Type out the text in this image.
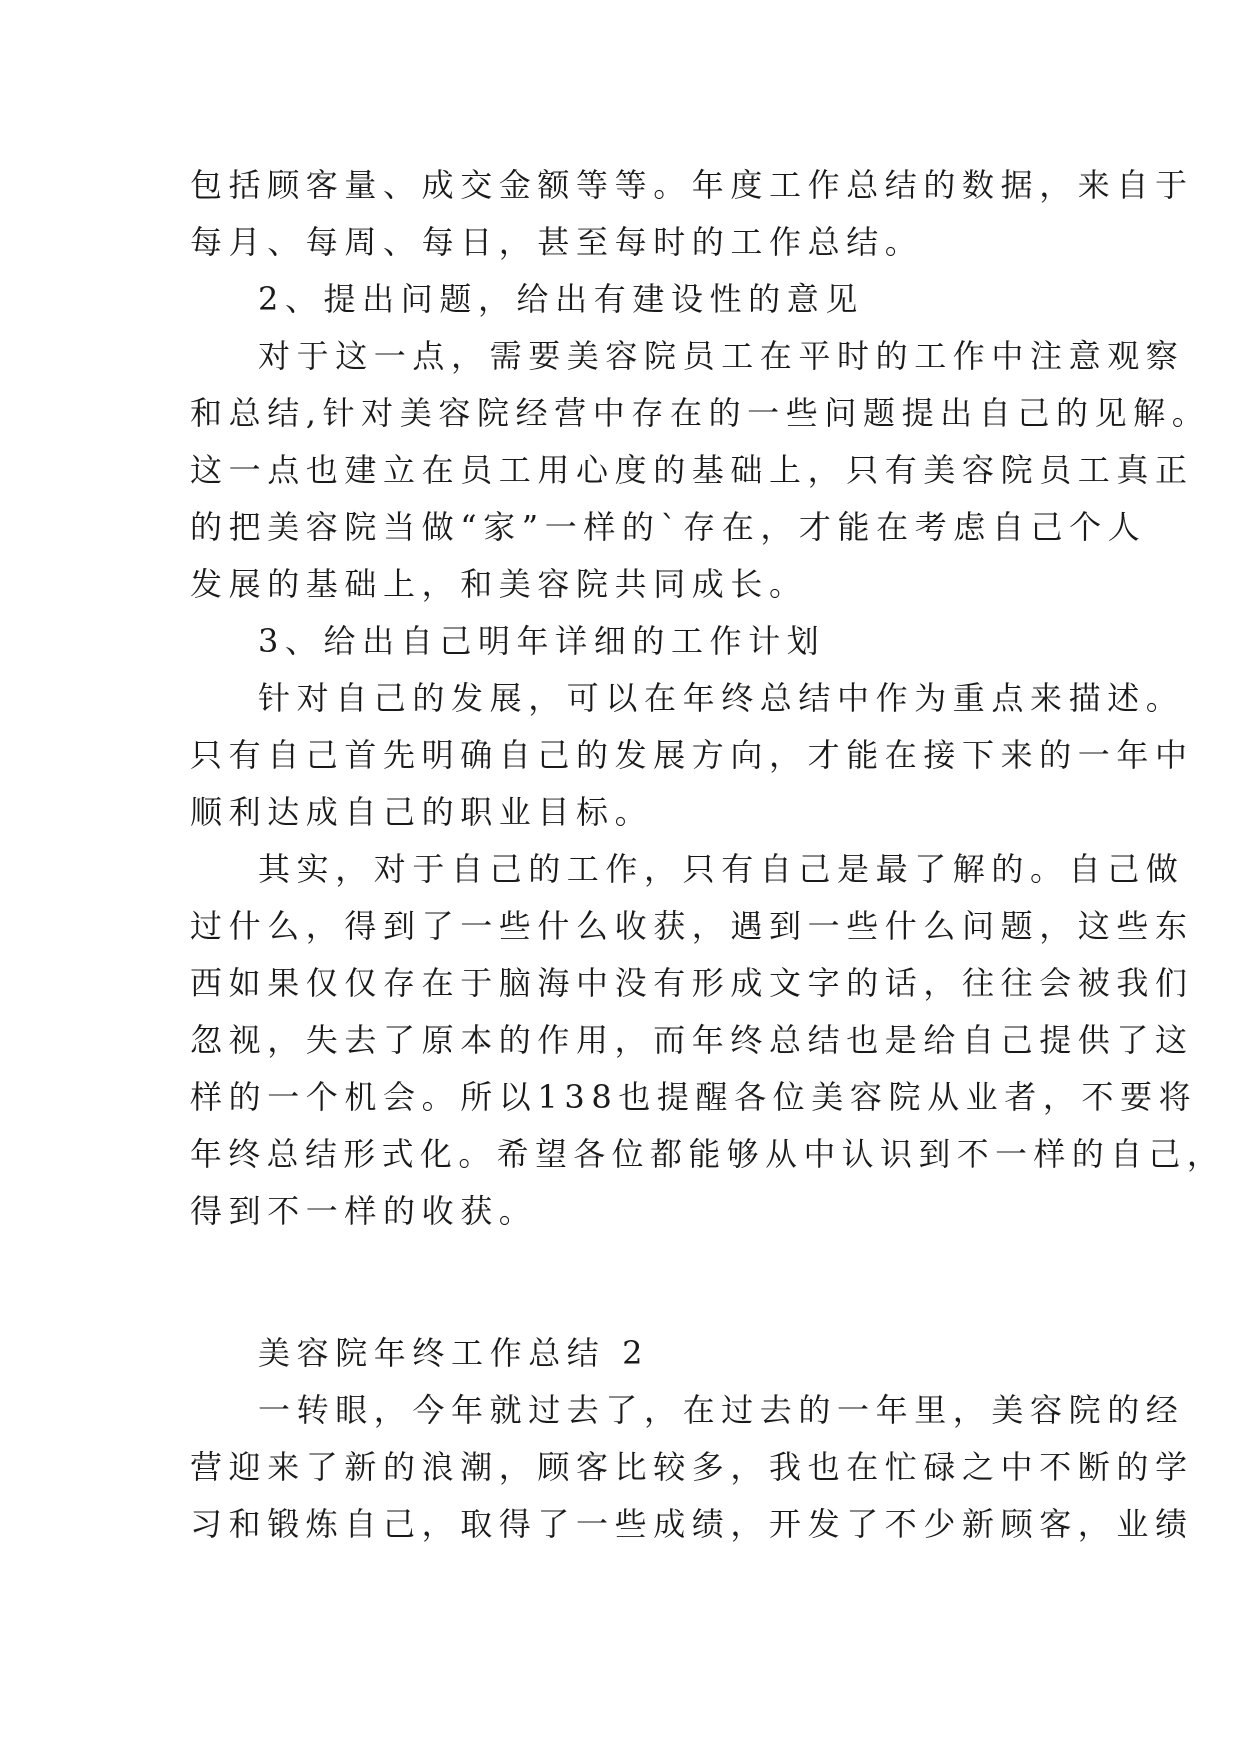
包括顾客量、成交金额等等。年度工作总结的数据，来自于
每月、每周、每日，甚至每时的工作总结。
2、提出问题，给出有建设性的意见
对于这一点，需要美容院员工在平时的工作中注意观察
和总结,针对美容院经营中存在的一些问题提出自己的见解。
这一点也建立在员工用心度的基础上，只有美容院员工真正
的把美容院当做“家”一样的`存在，才能在考虑自己个人
发展的基础上，和美容院共同成长。
3、给出自己明年详细的工作计划
针对自己的发展，可以在年终总结中作为重点来描述。
只有自己首先明确自己的发展方向，才能在接下来的一年中
顺利达成自己的职业目标。
其实，对于自己的工作，只有自己是最了解的。自己做
过什么，得到了一些什么收获，遇到一些什么问题，这些东
西如果仅仅存在于脑海中没有形成文字的话，往往会被我们
忽视，失去了原本的作用，而年终总结也是给自己提供了这
样的一个机会。所以138也提醒各位美容院从业者，不要将
年终总结形式化。希望各位都能够从中认识到不一样的自己，
得到不一样的收获。
美容院年终工作总结 2
一转眼，今年就过去了，在过去的一年里，美容院的经
营迎来了新的浪潮，顾客比较多，我也在忙碌之中不断的学
习和锻炼自己，取得了一些成绩，开发了不少新顾客，业绩
